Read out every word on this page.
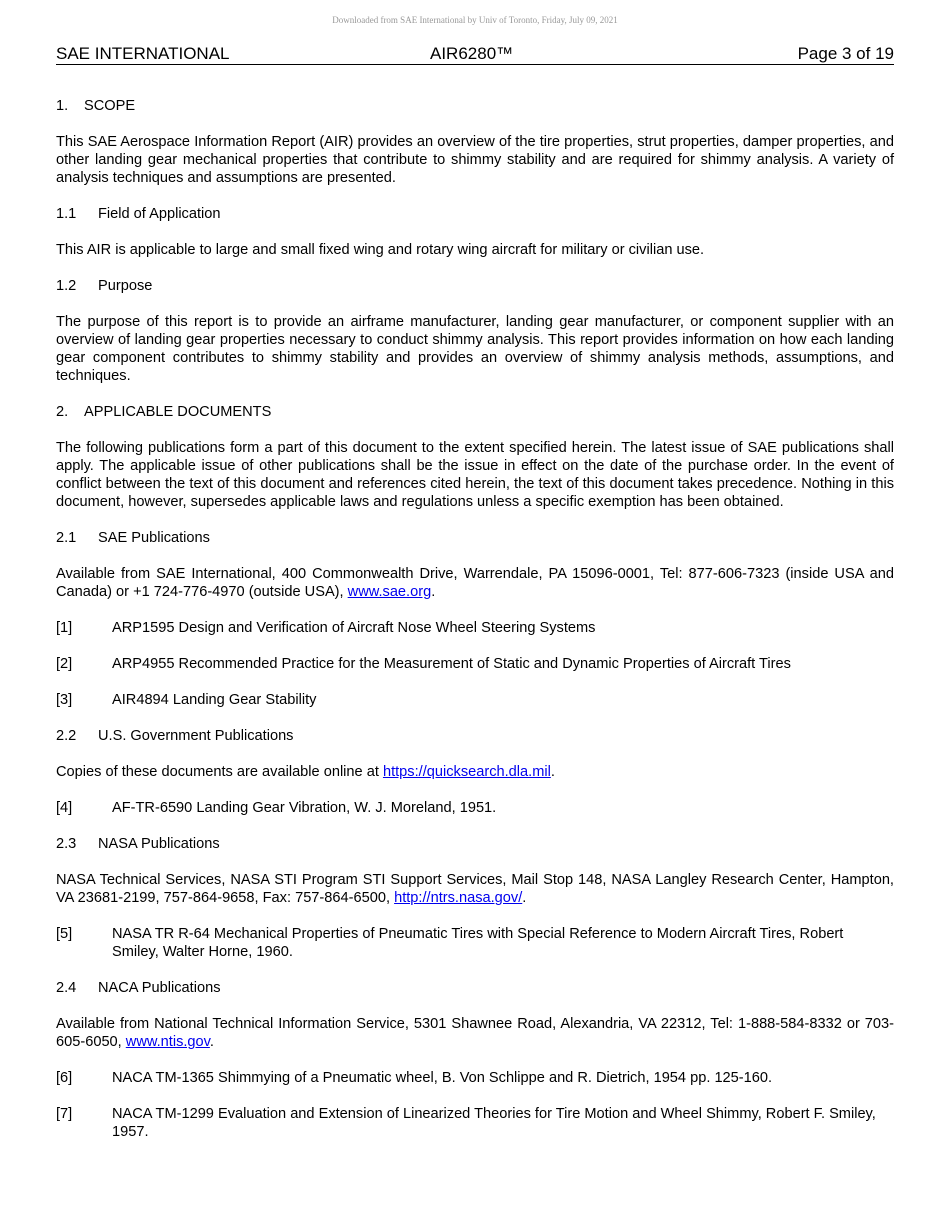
Downloaded from SAE International by Univ of Toronto, Friday, July 09, 2021
SAE INTERNATIONAL	AIR6280™	Page 3 of 19
1. SCOPE

This SAE Aerospace Information Report (AIR) provides an overview of the tire properties, strut properties, damper properties, and other landing gear mechanical properties that contribute to shimmy stability and are required for shimmy analysis. A variety of analysis techniques and assumptions are presented.

1.1 Field of Application

This AIR is applicable to large and small fixed wing and rotary wing aircraft for military or civilian use.

1.2 Purpose

The purpose of this report is to provide an airframe manufacturer, landing gear manufacturer, or component supplier with an overview of landing gear properties necessary to conduct shimmy analysis. This report provides information on how each landing gear component contributes to shimmy stability and provides an overview of shimmy analysis methods, assumptions, and techniques.

2. APPLICABLE DOCUMENTS

The following publications form a part of this document to the extent specified herein. The latest issue of SAE publications shall apply. The applicable issue of other publications shall be the issue in effect on the date of the purchase order. In the event of conflict between the text of this document and references cited herein, the text of this document takes precedence. Nothing in this document, however, supersedes applicable laws and regulations unless a specific exemption has been obtained.

2.1 SAE Publications

Available from SAE International, 400 Commonwealth Drive, Warrendale, PA 15096-0001, Tel: 877-606-7323 (inside USA and Canada) or +1 724-776-4970 (outside USA), www.sae.org.

[1]	ARP1595 Design and Verification of Aircraft Nose Wheel Steering Systems
[2]	ARP4955 Recommended Practice for the Measurement of Static and Dynamic Properties of Aircraft Tires
[3]	AIR4894 Landing Gear Stability
2.2 U.S. Government Publications

Copies of these documents are available online at https://quicksearch.dla.mil.

[4]	AF-TR-6590 Landing Gear Vibration, W. J. Moreland, 1951.
2.3 NASA Publications

NASA Technical Services, NASA STI Program STI Support Services, Mail Stop 148, NASA Langley Research Center, Hampton, VA 23681-2199, 757-864-9658, Fax: 757-864-6500, http://ntrs.nasa.gov/.

[5]	NASA TR R-64 Mechanical Properties of Pneumatic Tires with Special Reference to Modern Aircraft Tires, Robert Smiley, Walter Horne, 1960.
2.4 NACA Publications

Available from National Technical Information Service, 5301 Shawnee Road, Alexandria, VA 22312, Tel: 1-888-584-8332 or 703-605-6050, www.ntis.gov.

[6]	NACA TM-1365 Shimmying of a Pneumatic wheel, B. Von Schlippe and R. Dietrich, 1954 pp. 125-160.
[7]	NACA TM-1299 Evaluation and Extension of Linearized Theories for Tire Motion and Wheel Shimmy, Robert F. Smiley, 1957.
